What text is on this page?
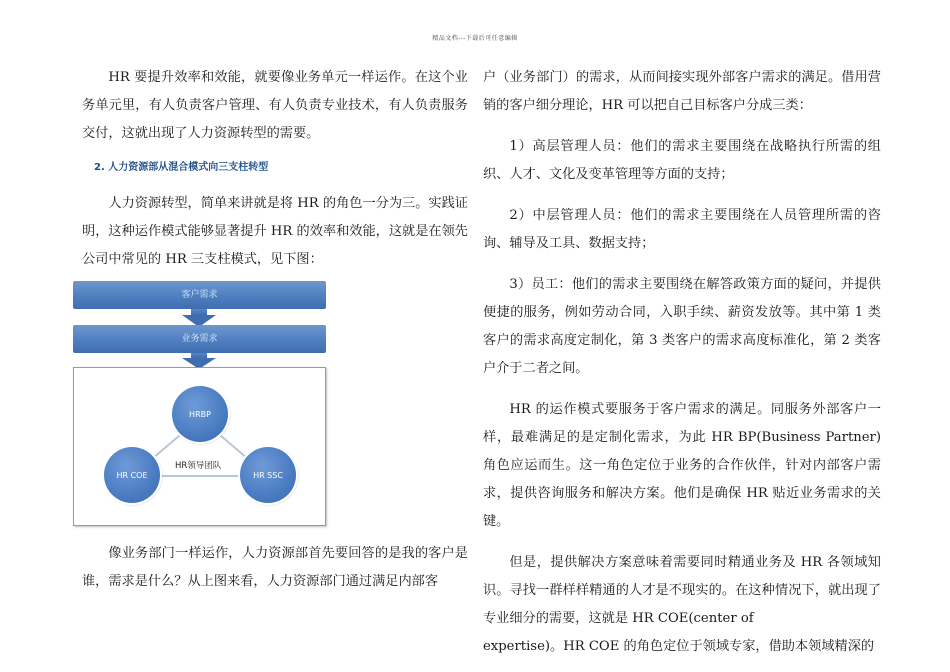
精品文档---下载后可任意编辑

HR 要提升效率和效能，就要像业务单元一样运作。在这个业务单元里，有人负责客户管理、有人负责专业技术，有人负责服务交付，这就出现了人力资源转型的需要。

2. 人力资源部从混合模式向三支柱转型

人力资源转型，简单来讲就是将 HR 的角色一分为三。实践证明，这种运作模式能够显著提升 HR 的效率和效能，这就是在领先公司中常见的 HR 三支柱模式，见下图：

客户需求
业务需求
HRBP
HR COE	HR SSC
HR领导团队

像业务部门一样运作，人力资源部首先要回答的是我的客户是谁，需求是什么？从上图来看，人力资源部门通过满足内部客

户（业务部门）的需求，从而间接实现外部客户需求的满足。借用营销的客户细分理论，HR 可以把自己目标客户分成三类：

1）高层管理人员：他们的需求主要围绕在战略执行所需的组织、人才、文化及变革管理等方面的支持；

2）中层管理人员：他们的需求主要围绕在人员管理所需的咨询、辅导及工具、数据支持；

3）员工：他们的需求主要围绕在解答政策方面的疑问，并提供便捷的服务，例如劳动合同，入职手续、薪资发放等。其中第 1 类客户的需求高度定制化，第 3 类客户的需求高度标准化，第 2 类客户介于二者之间。

HR 的运作模式要服务于客户需求的满足。同服务外部客户一样，最难满足的是定制化需求，为此 HR BP(Business Partner) 角色应运而生。这一角色定位于业务的合作伙伴，针对内部客户需求，提供咨询服务和解决方案。他们是确保 HR 贴近业务需求的关键。

但是，提供解决方案意味着需要同时精通业务及 HR 各领域知识。寻找一群样样精通的人才是不现实的。在这种情况下，就出现了专业细分的需要，这就是 HR COE(center of

expertise)。HR COE 的角色定位于领域专家，借助本领域精深的
